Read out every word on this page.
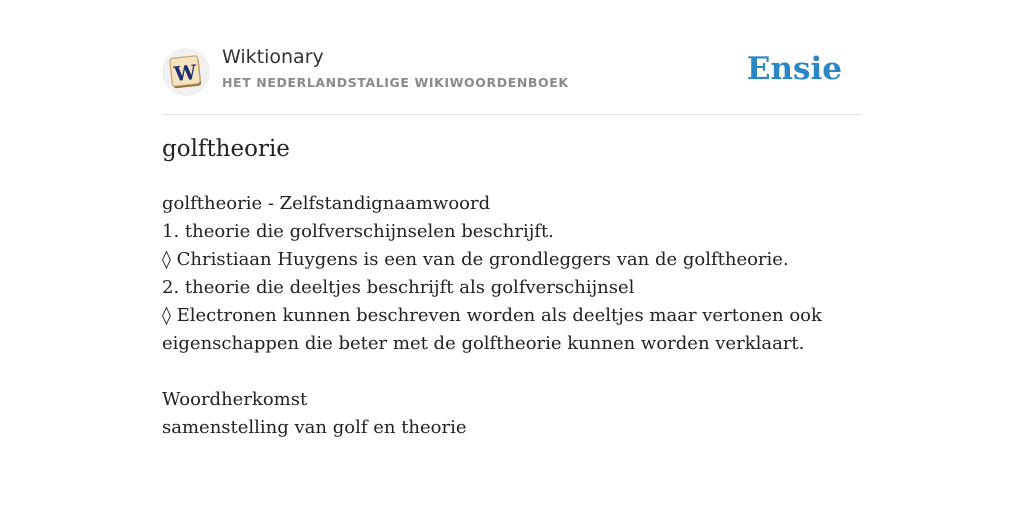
W
Wiktionary
HET NEDERLANDSTALIGE WIKIWOORDENBOEK	Ensie
golftheorie
golftheorie - Zelfstandignaamwoord
1. theorie die golfverschijnselen beschrijft.
◊ Christiaan Huygens is een van de grondleggers van de golftheorie.
2. theorie die deeltjes beschrijft als golfverschijnsel
◊ Electronen kunnen beschreven worden als deeltjes maar vertonen ook
eigenschappen die beter met de golftheorie kunnen worden verklaart.
Woordherkomst
samenstelling van golf en theorie
